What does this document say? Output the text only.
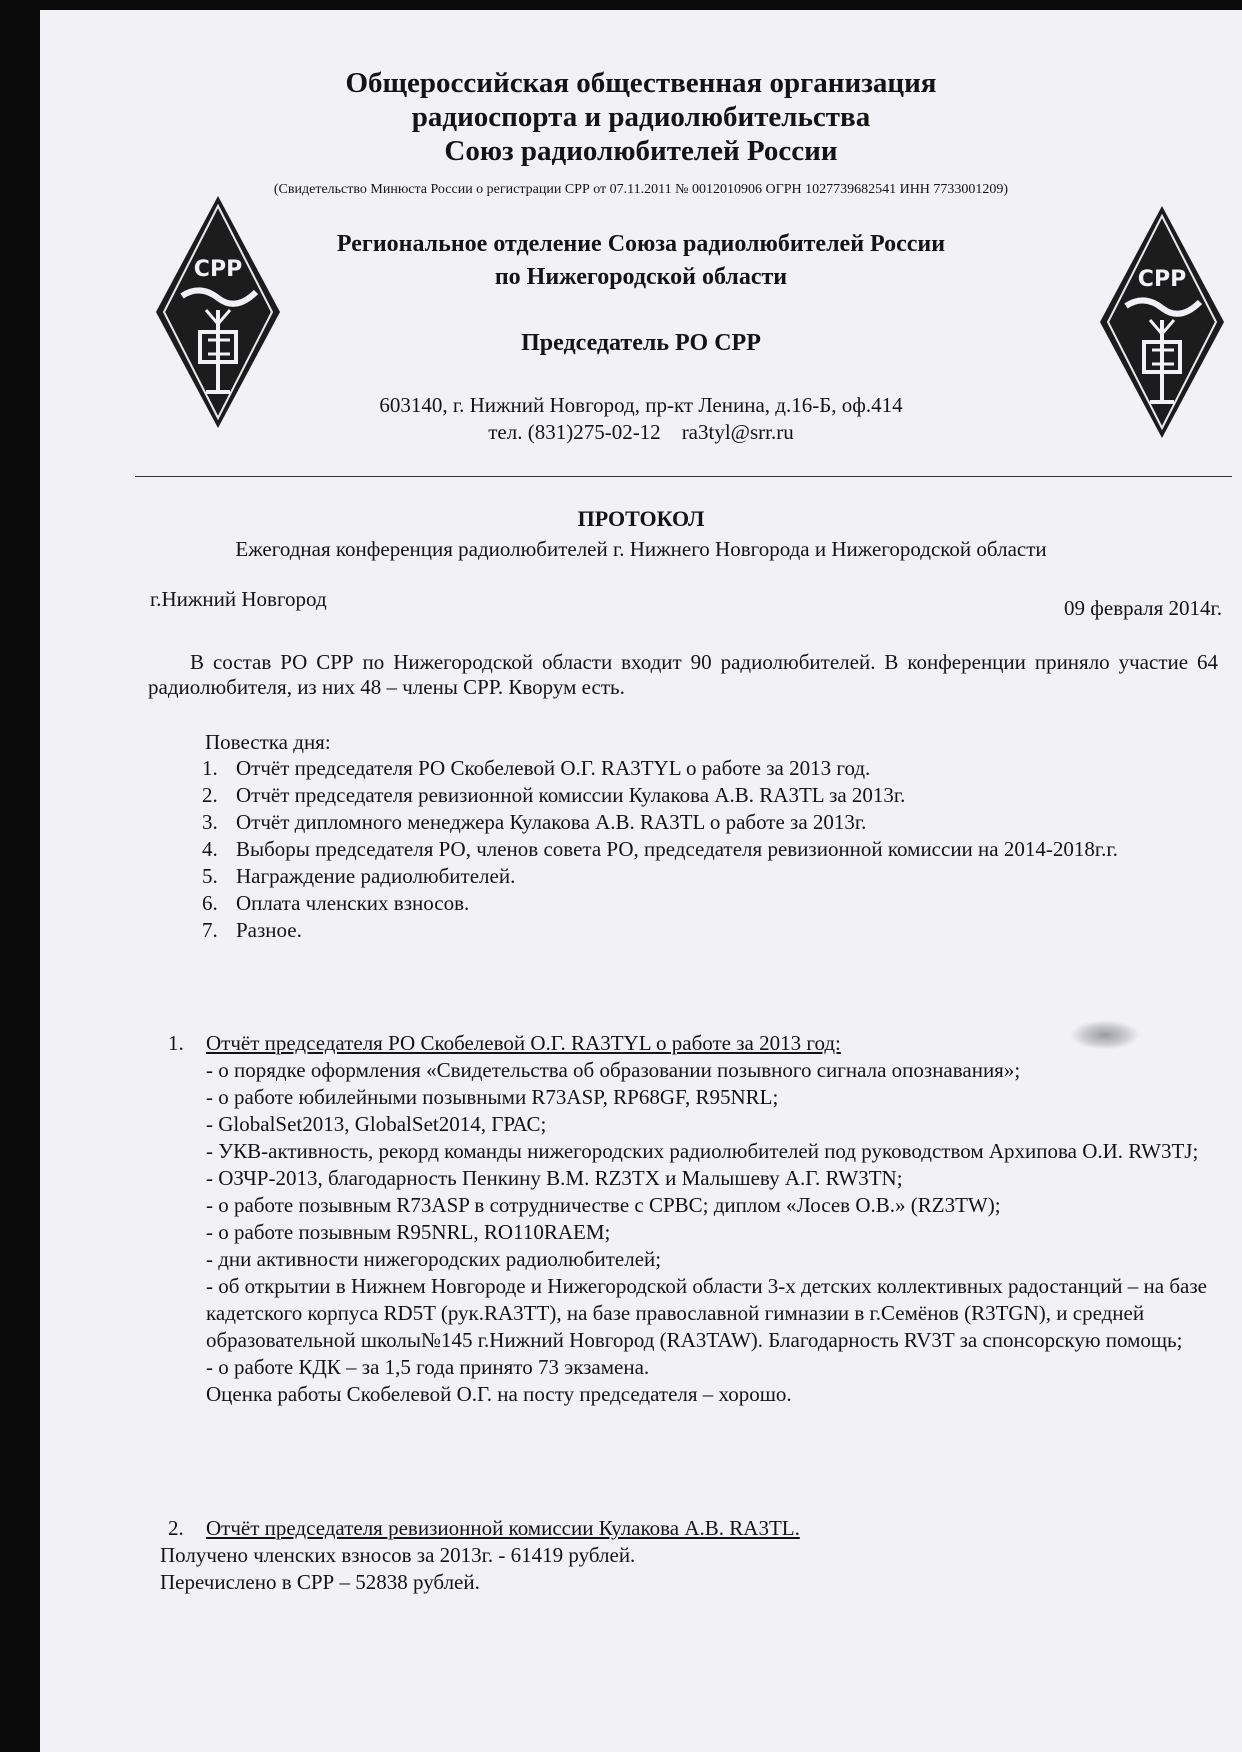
CPP	CPP
Общероссийская общественная организация
радиоспорта и радиолюбительства
Союз радиолюбителей России
(Свидетельство Минюста России о регистрации СРР от 07.11.2011 № 0012010906 ОГРН 1027739682541 ИНН 7733001209)
Региональное отделение Союза радиолюбителей России
по Нижегородской области
Председатель РО СРР
603140, г. Нижний Новгород, пр-кт Ленина, д.16-Б, оф.414
тел. (831)275-02-12 ra3tyl@srr.ru
ПРОТОКОЛ
Ежегодная конференция радиолюбителей г. Нижнего Новгорода и Нижегородской области
г.Нижний Новгород	09 февраля 2014г.
В состав РО СРР по Нижегородской области входит 90 радиолюбителей. В конференции приняло участие 64 радиолюбителя, из них 48 – члены СРР. Кворум есть.
Повестка дня:
1. Отчёт председателя РО Скобелевой О.Г. RA3TYL о работе за 2013 год.
2. Отчёт председателя ревизионной комиссии Кулакова А.В. RA3TL за 2013г.
3. Отчёт дипломного менеджера Кулакова А.В. RA3TL о работе за 2013г.
4. Выборы председателя РО, членов совета РО, председателя ревизионной комиссии на 2014-2018г.г.
5. Награждение радиолюбителей.
6. Оплата членских взносов.
7. Разное.
1.	Отчёт председателя РО Скобелевой О.Г. RA3TYL о работе за 2013 год:
- о порядке оформления «Свидетельства об образовании позывного сигнала опознавания»;
- о работе юбилейными позывными R73ASP, RP68GF, R95NRL;
- GlobalSet2013, GlobalSet2014, ГРАС;
- УКВ-активность, рекорд команды нижегородских радиолюбителей под руководством Архипова О.И. RW3TJ;
- ОЗЧР-2013, благодарность Пенкину В.М. RZ3TX и Малышеву А.Г. RW3TN;
- о работе позывным R73ASP в сотрудничестве с СРВС; диплом «Лосев О.В.» (RZ3TW);
- о работе позывным R95NRL, RO110RAEM;
- дни активности нижегородских радиолюбителей;
- об открытии в Нижнем Новгороде и Нижегородской области 3-х детских коллективных радостанций – на базе кадетского корпуса RD5T (рук.RA3TT), на базе православной гимназии в г.Семёнов (R3TGN), и средней образовательной школы№145 г.Нижний Новгород (RA3TAW). Благодарность RV3T за спонсорскую помощь;
- о работе КДК – за 1,5 года принято 73 экзамена.
Оценка работы Скобелевой О.Г. на посту председателя – хорошо.
2.	Отчёт председателя ревизионной комиссии Кулакова А.В. RA3TL.
Получено членских взносов за 2013г. - 61419 рублей.
Перечислено в СРР – 52838 рублей.
